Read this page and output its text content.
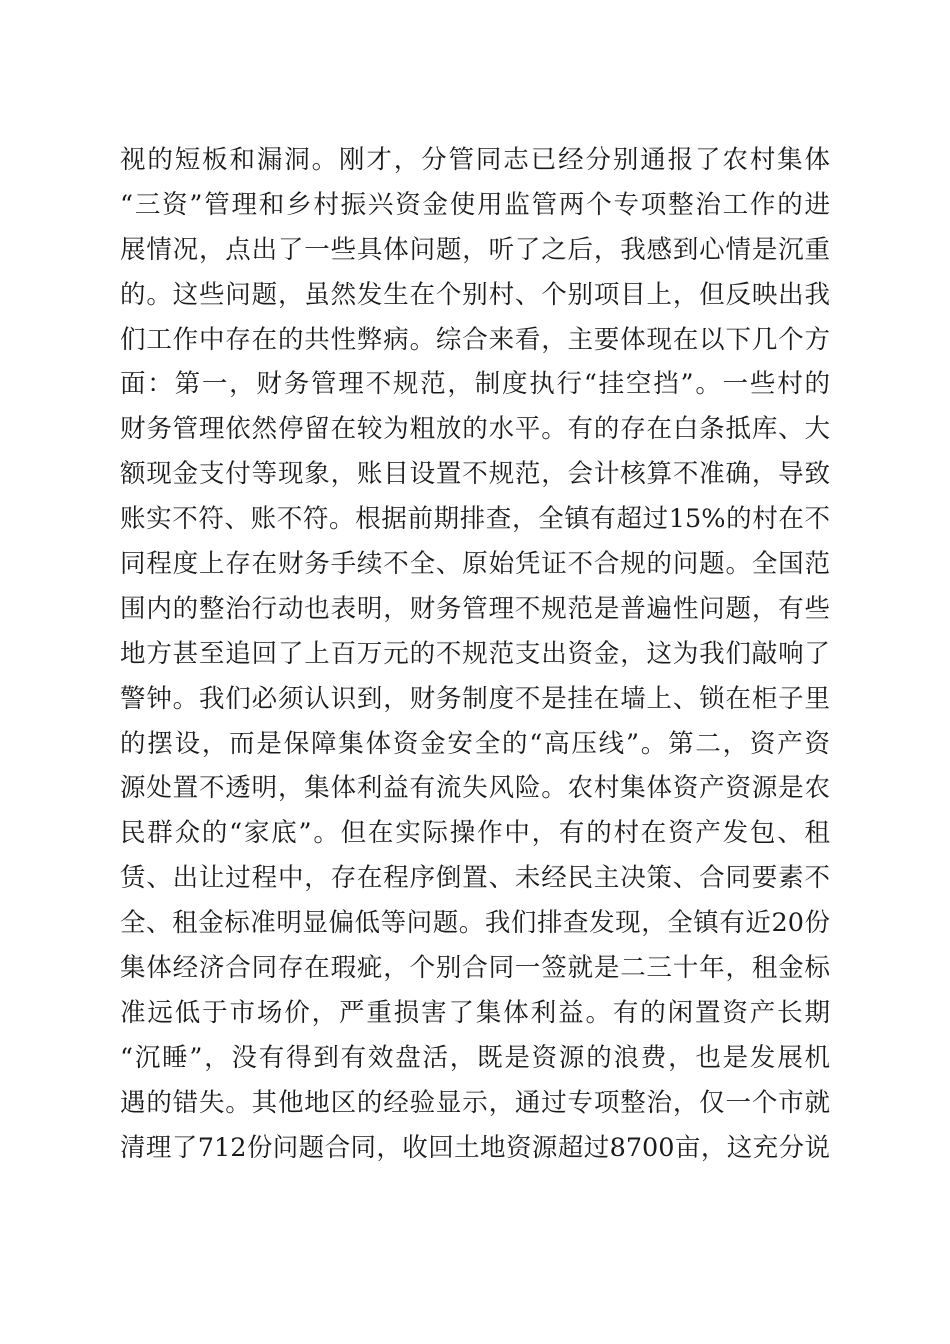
视的短板和漏洞。刚才，分管同志已经分别通报了农村集体
“三资”管理和乡村振兴资金使用监管两个专项整治工作的进
展情况，点出了一些具体问题，听了之后，我感到心情是沉重
的。这些问题，虽然发生在个别村、个别项目上，但反映出我
们工作中存在的共性弊病。综合来看，主要体现在以下几个方
面：第一，财务管理不规范，制度执行“挂空挡”。一些村的
财务管理依然停留在较为粗放的水平。有的存在白条抵库、大
额现金支付等现象，账目设置不规范，会计核算不准确，导致
账实不符、账不符。根据前期排查，全镇有超过15%的村在不
同程度上存在财务手续不全、原始凭证不合规的问题。全国范
围内的整治行动也表明，财务管理不规范是普遍性问题，有些
地方甚至追回了上百万元的不规范支出资金，这为我们敲响了
警钟。我们必须认识到，财务制度不是挂在墙上、锁在柜子里
的摆设，而是保障集体资金安全的“高压线”。第二，资产资
源处置不透明，集体利益有流失风险。农村集体资产资源是农
民群众的“家底”。但在实际操作中，有的村在资产发包、租
赁、出让过程中，存在程序倒置、未经民主决策、合同要素不
全、租金标准明显偏低等问题。我们排查发现，全镇有近20份
集体经济合同存在瑕疵，个别合同一签就是二三十年，租金标
准远低于市场价，严重损害了集体利益。有的闲置资产长期
“沉睡”，没有得到有效盘活，既是资源的浪费，也是发展机
遇的错失。其他地区的经验显示，通过专项整治，仅一个市就
清理了712份问题合同，收回土地资源超过8700亩，这充分说
